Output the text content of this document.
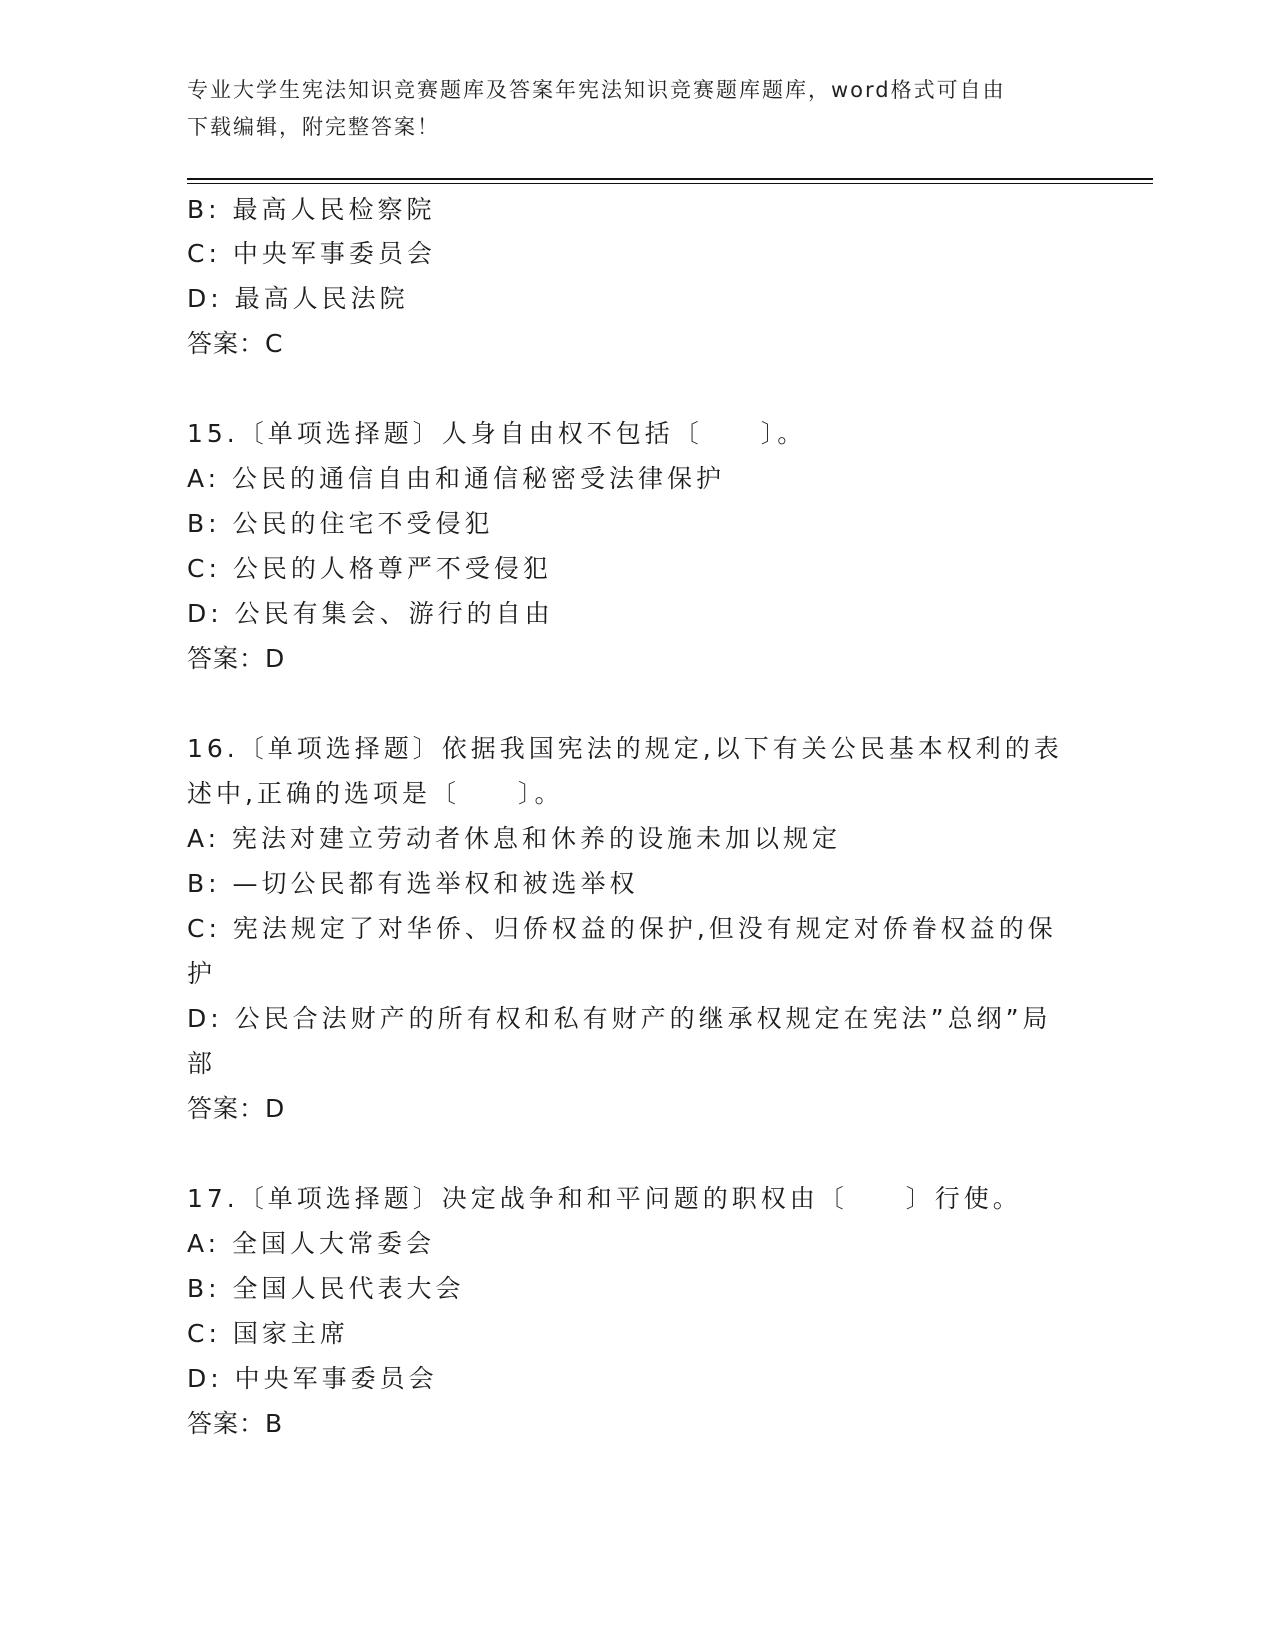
专业大学生宪法知识竞赛题库及答案年宪法知识竞赛题库题库，word格式可自由
下载编辑，附完整答案！
B: 最高人民检察院
C: 中央军事委员会
D: 最高人民法院
答案：C
15.〔单项选择题〕人身自由权不包括〔　　〕。
A: 公民的通信自由和通信秘密受法律保护
B: 公民的住宅不受侵犯
C: 公民的人格尊严不受侵犯
D: 公民有集会、游行的自由
答案：D
16.〔单项选择题〕依据我国宪法的规定,以下有关公民基本权利的表
述中,正确的选项是〔　　〕。
A: 宪法对建立劳动者休息和休养的设施未加以规定
B: —切公民都有选举权和被选举权
C: 宪法规定了对华侨、归侨权益的保护,但没有规定对侨眷权益的保
护
D: 公民合法财产的所有权和私有财产的继承权规定在宪法”总纲”局
部
答案：D
17.〔单项选择题〕决定战争和和平问题的职权由〔　　〕行使。
A: 全国人大常委会
B: 全国人民代表大会
C: 国家主席
D: 中央军事委员会
答案：B
